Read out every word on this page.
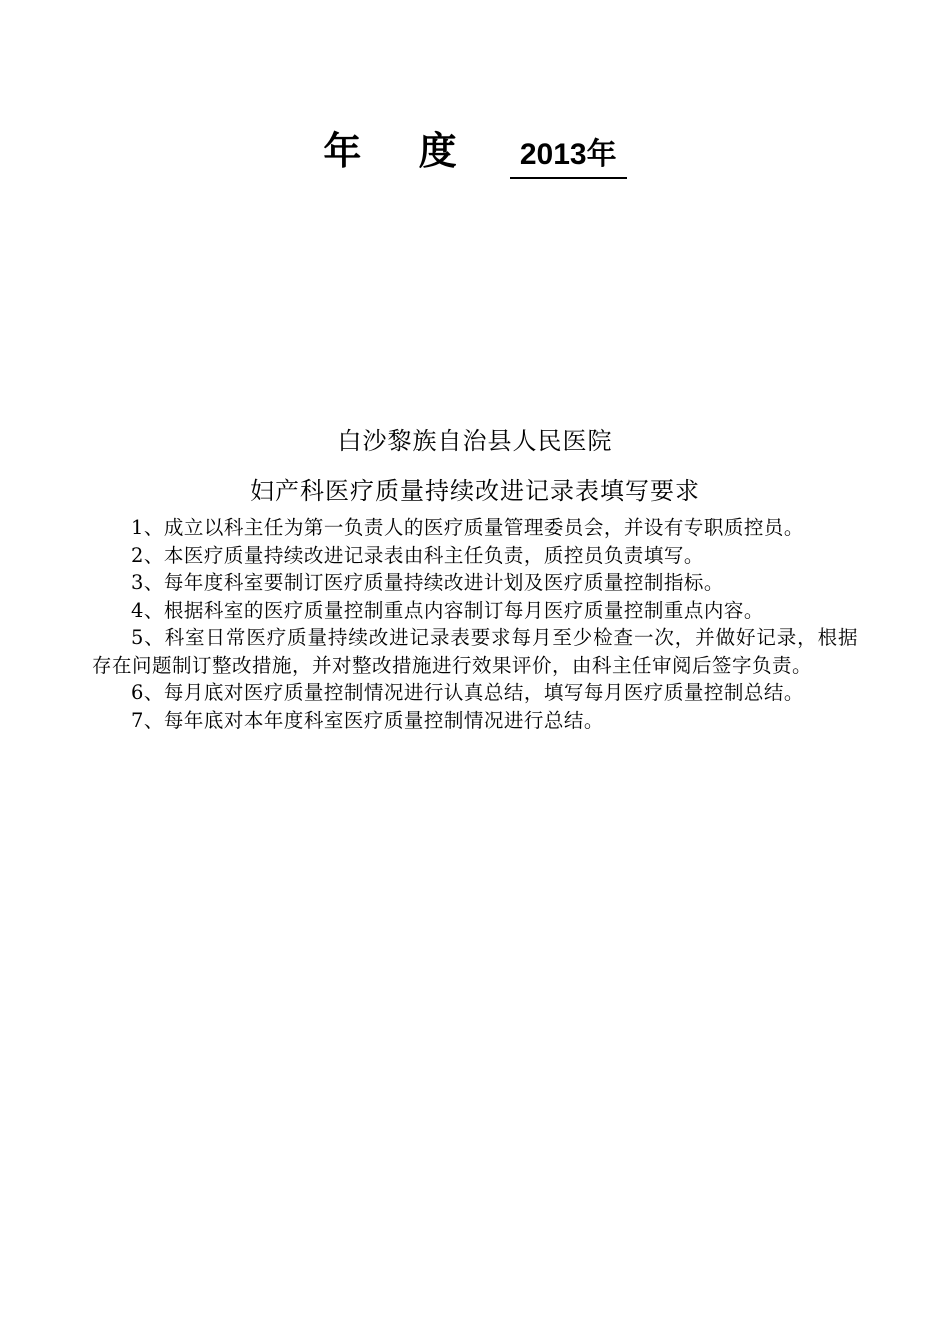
年 度 2013年
白沙黎族自治县人民医院
妇产科医疗质量持续改进记录表填写要求

1、成立以科主任为第一负责人的医疗质量管理委员会，并设有专职质控员。

2、本医疗质量持续改进记录表由科主任负责，质控员负责填写。

3、每年度科室要制订医疗质量持续改进计划及医疗质量控制指标。

4、根据科室的医疗质量控制重点内容制订每月医疗质量控制重点内容。

5、科室日常医疗质量持续改进记录表要求每月至少检查一次，并做好记录，根据存在问题制订整改措施，并对整改措施进行效果评价，由科主任审阅后签字负责。

6、每月底对医疗质量控制情况进行认真总结，填写每月医疗质量控制总结。

7、每年底对本年度科室医疗质量控制情况进行总结。
